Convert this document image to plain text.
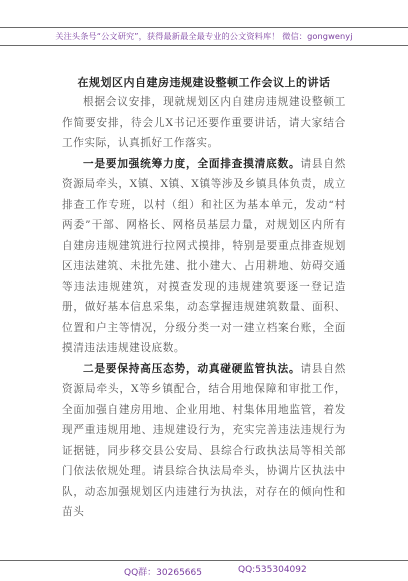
关注头条号“公文研究”，获得最新最全最专业的公文资料库！ 微信：gongwenyj
在规划区内自建房违规建设整顿工作会议上的讲话

根据会议安排，现就规划区内自建房违规建设整顿工作简要安排，待会儿X书记还要作重要讲话，请大家结合工作实际，认真抓好工作落实。

一是要加强统筹力度，全面排查摸清底数。请县自然资源局牵头，X镇、X镇、X镇等涉及乡镇具体负责，成立排查工作专班，以村（组）和社区为基本单元，发动“村两委”干部、网格长、网格员基层力量，对规划区内所有自建房违规建筑进行拉网式摸排，特别是要重点排查规划区违法建筑、未批先建、批小建大、占用耕地、妨碍交通等违法违规建筑，对摸查发现的违规建筑要逐一登记造册，做好基本信息采集，动态掌握违规建筑数量、面积、位置和户主等情况，分级分类一对一建立档案台账，全面摸清违法违规建设底数。

二是要保持高压态势，动真碰硬监管执法。请县自然资源局牵头，X等乡镇配合，结合用地保障和审批工作，全面加强自建房用地、企业用地、村集体用地监管，着发现严重违规用地、违规建设行为，充实完善违法违规行为证据链，同步移交县公安局、县综合行政执法局等相关部门依法依规处理。请县综合执法局牵头，协调片区执法中队，动态加强规划区内违建行为执法，对存在的倾向性和苗头

QQ群：30265665	QQ:535304092
